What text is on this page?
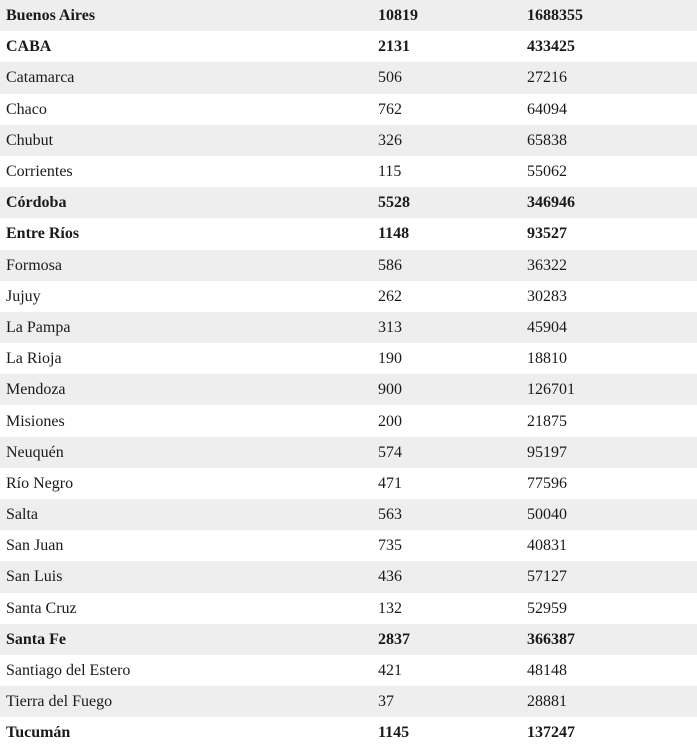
Buenos Aires	10819	1688355
CABA	2131	433425
Catamarca	506	27216
Chaco	762	64094
Chubut	326	65838
Corrientes	115	55062
Córdoba	5528	346946
Entre Ríos	1148	93527
Formosa	586	36322
Jujuy	262	30283
La Pampa	313	45904
La Rioja	190	18810
Mendoza	900	126701
Misiones	200	21875
Neuquén	574	95197
Río Negro	471	77596
Salta	563	50040
San Juan	735	40831
San Luis	436	57127
Santa Cruz	132	52959
Santa Fe	2837	366387
Santiago del Estero	421	48148
Tierra del Fuego	37	28881
Tucumán	1145	137247
